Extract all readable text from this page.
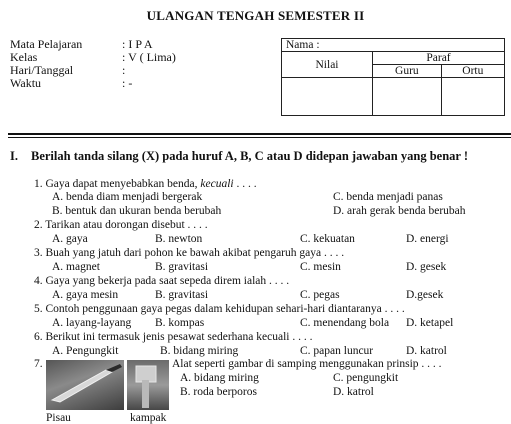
ULANGAN TENGAH SEMESTER II
Mata Pelajaran	: I P A
Kelas	: V ( Lima)
Hari/Tanggal	:
Waktu	: -
Nama :		
Nilai	Paraf	
	Guru	Ortu

I. Berilah tanda silang (X) pada huruf A, B, C atau D didepan jawaban yang benar !
1. Gaya dapat menyebabkan benda, kecuali . . . .
A. benda diam menjadi bergerak	C. benda menjadi panas
B. bentuk dan ukuran benda berubah	D. arah gerak benda berubah
2. Tarikan atau dorongan disebut . . . .
A. gaya	B. newton	C. kekuatan	D. energi
3. Buah yang jatuh dari pohon ke bawah akibat pengaruh gaya . . . .
A. magnet	B. gravitasi	C. mesin	D. gesek
4. Gaya yang bekerja pada saat sepeda direm ialah . . . .
A. gaya mesin	B. gravitasi	C. pegas	D.gesek
5. Contoh penggunaan gaya pegas dalam kehidupan sehari-hari diantaranya . . . .
A. layang-layang B. kompas	C. menendang bola D. ketapel
6. Berikut ini termasuk jenis pesawat sederhana kecuali . . . .
A. Pengungkit	B. bidang miring	C. papan luncur	D. katrol
7.	Alat seperti gambar di samping menggunakan prinsip . . . .
A. bidang miring	C. pengungkit
B. roda berporos	D. katrol
Pisau	kampak
